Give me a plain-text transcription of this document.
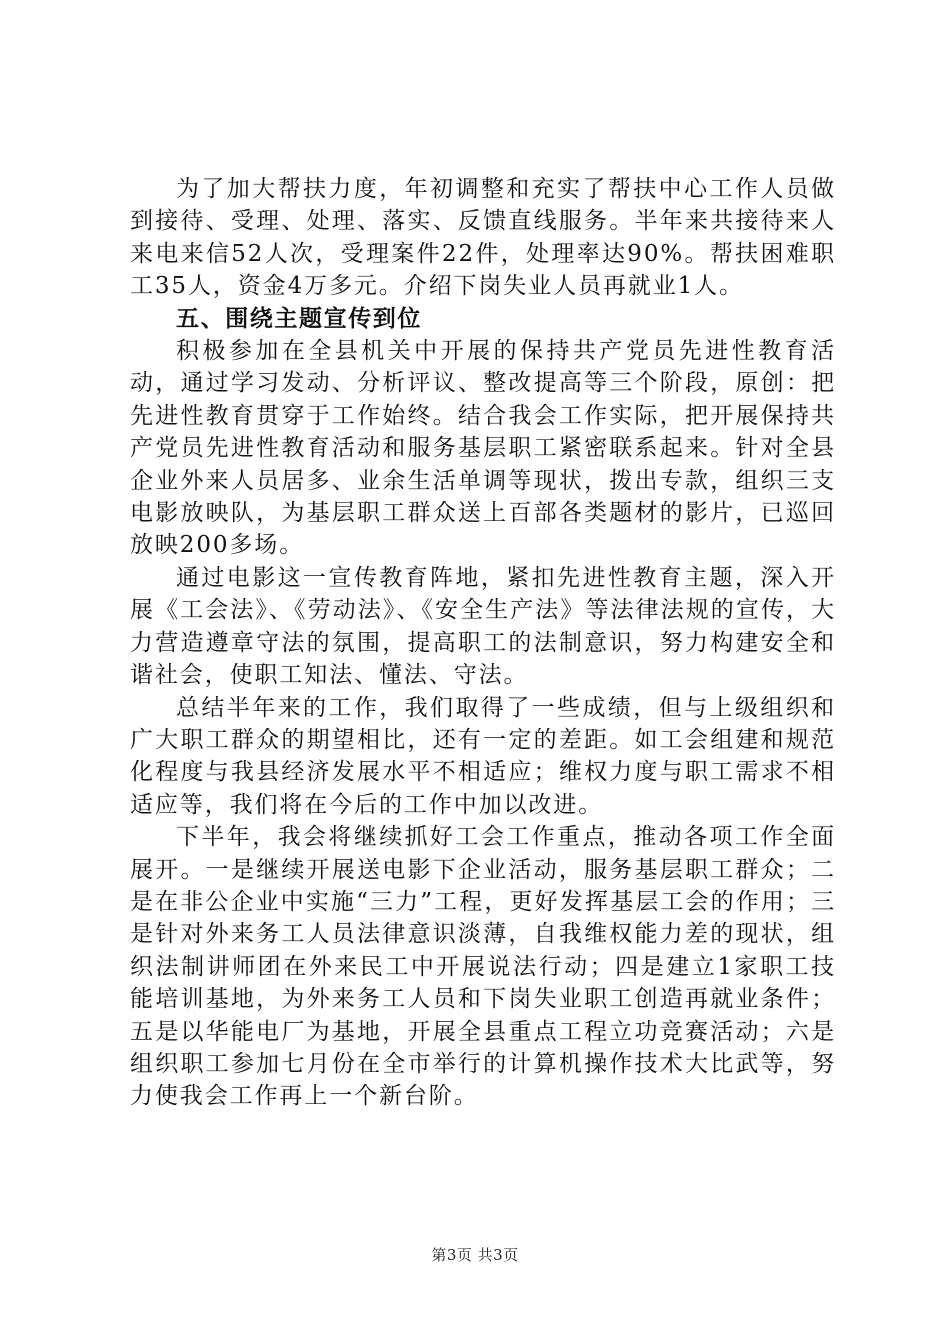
为了加大帮扶力度，年初调整和充实了帮扶中心工作人员做到接待、受理、处理、落实、反馈直线服务。半年来共接待来人来电来信52人次，受理案件22件，处理率达90%。帮扶困难职工35人，资金4万多元。介绍下岗失业人员再就业1人。

五、围绕主题宣传到位

积极参加在全县机关中开展的保持共产党员先进性教育活动，通过学习发动、分析评议、整改提高等三个阶段，原创：把先进性教育贯穿于工作始终。结合我会工作实际，把开展保持共产党员先进性教育活动和服务基层职工紧密联系起来。针对全县企业外来人员居多、业余生活单调等现状，拨出专款，组织三支电影放映队，为基层职工群众送上百部各类题材的影片，已巡回放映200多场。

通过电影这一宣传教育阵地，紧扣先进性教育主题，深入开展《工会法》、《劳动法》、《安全生产法》等法律法规的宣传，大力营造遵章守法的氛围，提高职工的法制意识，努力构建安全和谐社会，使职工知法、懂法、守法。

总结半年来的工作，我们取得了一些成绩，但与上级组织和广大职工群众的期望相比，还有一定的差距。如工会组建和规范化程度与我县经济发展水平不相适应；维权力度与职工需求不相适应等，我们将在今后的工作中加以改进。

下半年，我会将继续抓好工会工作重点，推动各项工作全面展开。一是继续开展送电影下企业活动，服务基层职工群众；二是在非公企业中实施“三力”工程，更好发挥基层工会的作用；三是针对外来务工人员法律意识淡薄，自我维权能力差的现状，组织法制讲师团在外来民工中开展说法行动；四是建立1家职工技能培训基地，为外来务工人员和下岗失业职工创造再就业条件；五是以华能电厂为基地，开展全县重点工程立功竞赛活动；六是组织职工参加七月份在全市举行的计算机操作技术大比武等，努力使我会工作再上一个新台阶。

第3页 共3页
